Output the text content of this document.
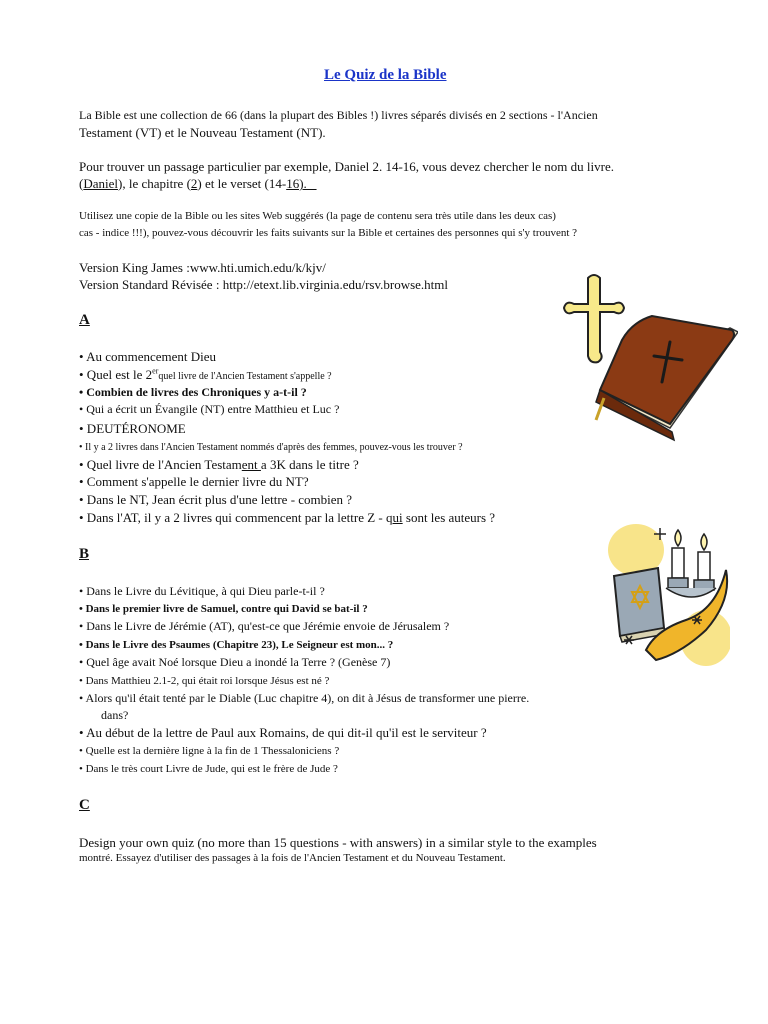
Le Quiz de la Bible
La Bible est une collection de 66 (dans la plupart des Bibles !) livres séparés divisés en 2 sections - l'Ancien
Testament (VT) et le Nouveau Testament (NT).
Pour trouver un passage particulier par exemple, Daniel 2. 14-16, vous devez chercher le nom du livre.
(Daniel), le chapitre (2) et le verset (14-16).
Utilisez une copie de la Bible ou les sites Web suggérés (la page de contenu sera très utile dans les deux cas)
cas - indice !!!), pouvez-vous découvrir les faits suivants sur la Bible et certaines des personnes qui s'y trouvent ?
Version King James :www.hti.umich.edu/k/kjv/
Version Standard Révisée : http://etext.lib.virginia.edu/rsv.browse.html
A
• Au commencement Dieu
• Quel est le 2erquel livre de l'Ancien Testament s'appelle ?
• Combien de livres des Chroniques y a-t-il ?
• Qui a écrit un Évangile (NT) entre Matthieu et Luc ?
• DEUTÉRONOME
• Il y a 2 livres dans l'Ancien Testament nommés d'après des femmes, pouvez-vous les trouver ?
• Quel livre de l'Ancien Testament a 3K dans le titre ?
• Comment s'appelle le dernier livre du NT?
• Dans le NT, Jean écrit plus d'une lettre - combien ?
• Dans l'AT, il y a 2 livres qui commencent par la lettre Z - qui sont les auteurs ?
B
• Dans le Livre du Lévitique, à qui Dieu parle-t-il ?
• Dans le premier livre de Samuel, contre qui David se bat-il ?
• Dans le Livre de Jérémie (AT), qu'est-ce que Jérémie envoie de Jérusalem ?
• Dans le Livre des Psaumes (Chapitre 23), Le Seigneur est mon... ?
• Quel âge avait Noé lorsque Dieu a inondé la Terre ? (Genèse 7)
• Dans Matthieu 2.1-2, qui était roi lorsque Jésus est né ?
• Alors qu'il était tenté par le Diable (Luc chapitre 4), on dit à Jésus de transformer une pierre.
dans?
• Au début de la lettre de Paul aux Romains, de qui dit-il qu'il est le serviteur ?
• Quelle est la dernière ligne à la fin de 1 Thessaloniciens ?
• Dans le très court Livre de Jude, qui est le frère de Jude ?
C
Design your own quiz (no more than 15 questions - with answers) in a similar style to the examples
montré. Essayez d'utiliser des passages à la fois de l'Ancien Testament et du Nouveau Testament.
